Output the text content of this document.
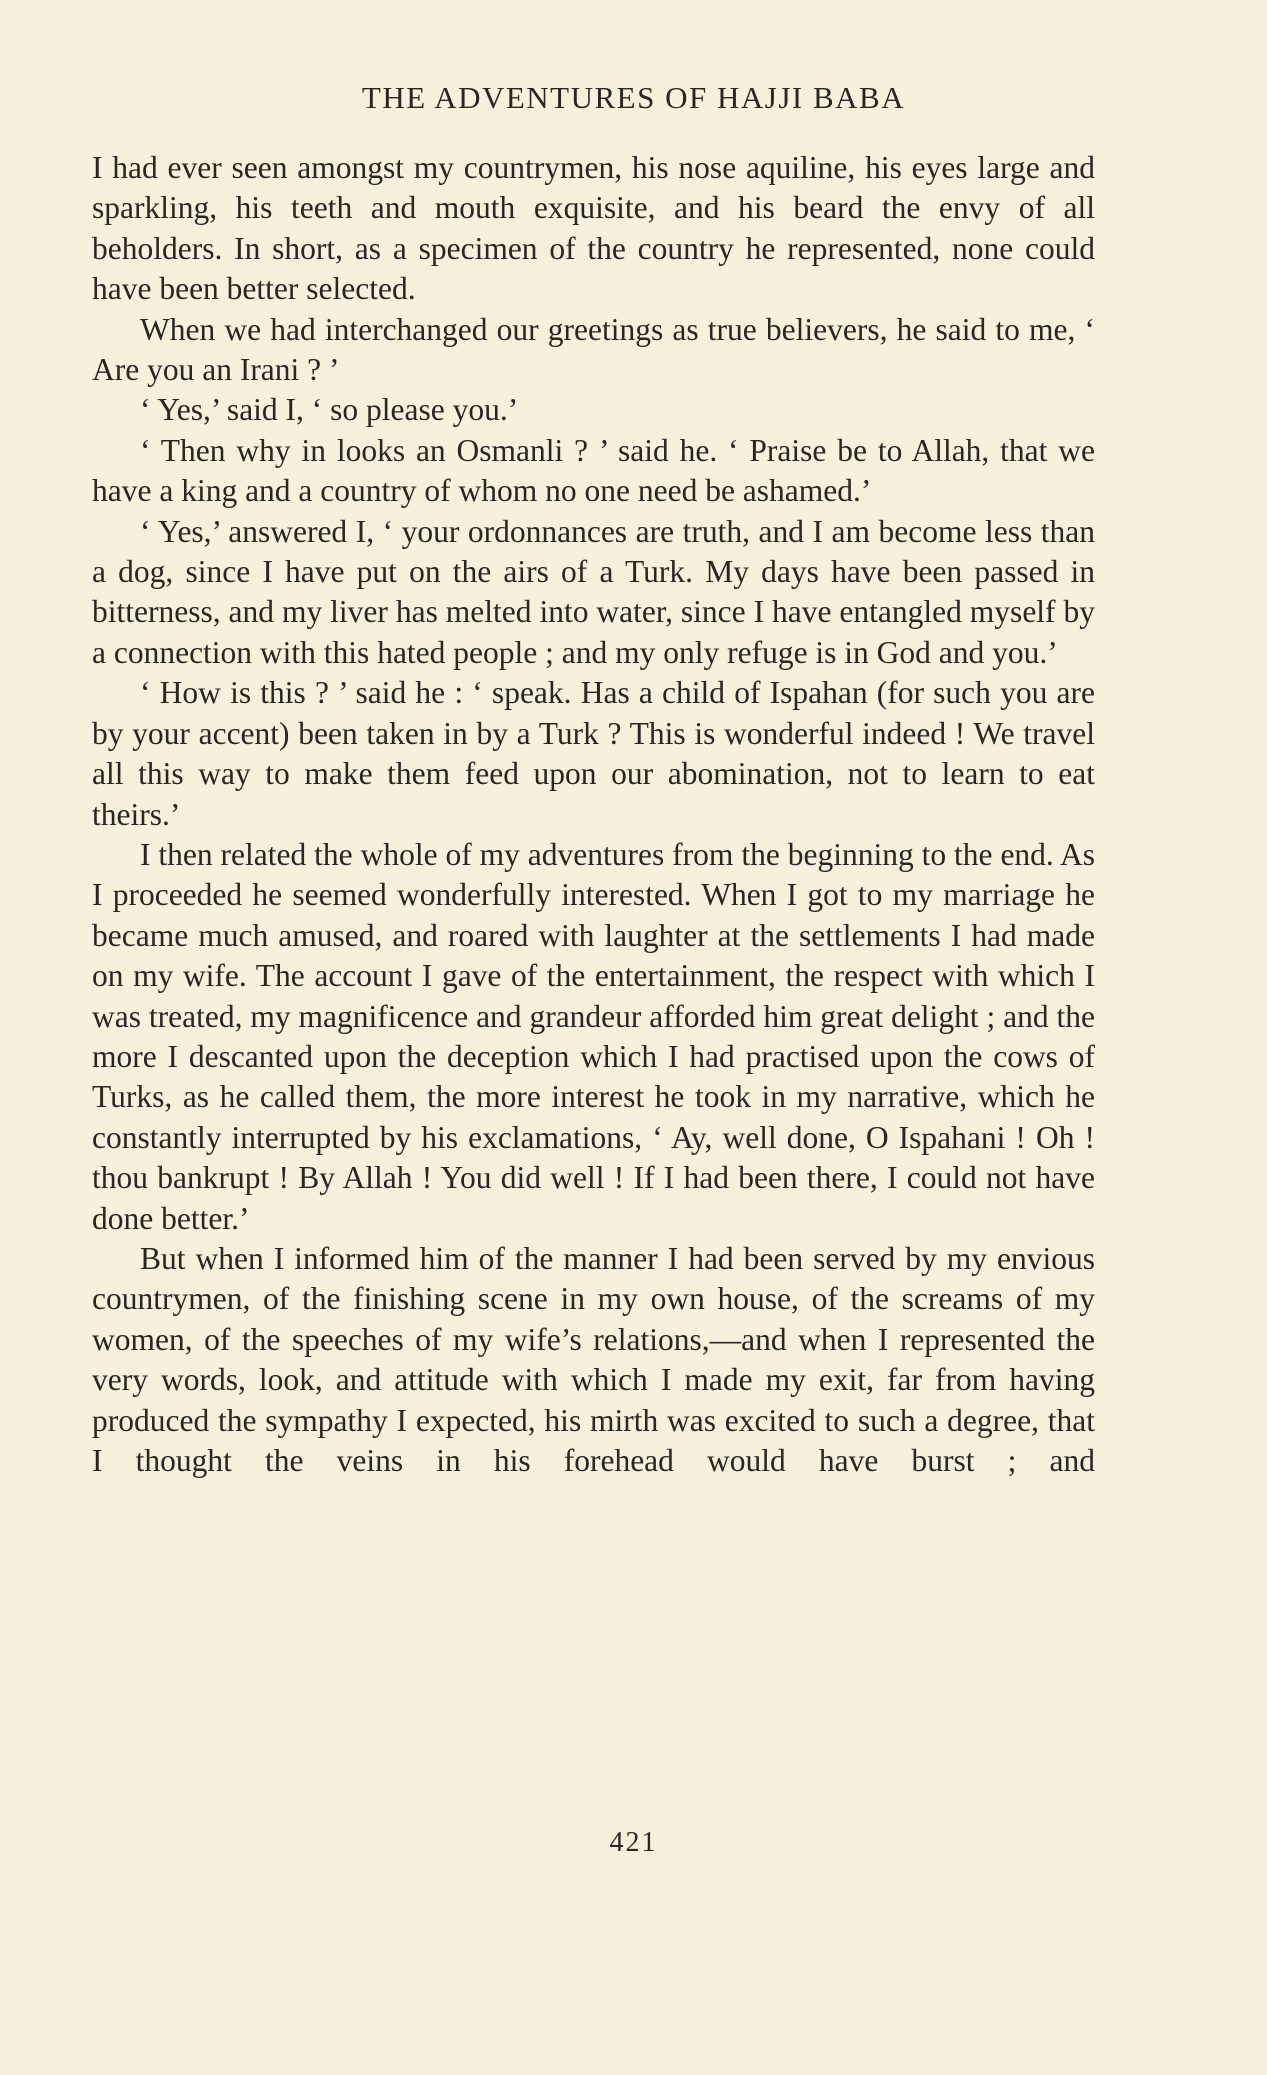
THE ADVENTURES OF HAJJI BABA

I had ever seen amongst my countrymen, his nose aquiline, his eyes large and sparkling, his teeth and mouth exquisite, and his beard the envy of all beholders. In short, as a specimen of the country he represented, none could have been better selected.

When we had interchanged our greetings as true believers, he said to me, ‘ Are you an Irani ? ’

‘ Yes,’ said I, ‘ so please you.’

‘ Then why in looks an Osmanli ? ’ said he. ‘ Praise be to Allah, that we have a king and a country of whom no one need be ashamed.’

‘ Yes,’ answered I, ‘ your ordonnances are truth, and I am become less than a dog, since I have put on the airs of a Turk. My days have been passed in bitterness, and my liver has melted into water, since I have entangled myself by a connection with this hated people ; and my only refuge is in God and you.’

‘ How is this ? ’ said he : ‘ speak. Has a child of Ispahan (for such you are by your accent) been taken in by a Turk ? This is wonderful indeed ! We travel all this way to make them feed upon our abomination, not to learn to eat theirs.’

I then related the whole of my adventures from the beginning to the end. As I proceeded he seemed wonderfully interested. When I got to my marriage he became much amused, and roared with laughter at the settlements I had made on my wife. The account I gave of the entertainment, the respect with which I was treated, my magnificence and grandeur afforded him great delight ; and the more I descanted upon the deception which I had practised upon the cows of Turks, as he called them, the more interest he took in my narrative, which he constantly interrupted by his exclamations, ‘ Ay, well done, O Ispahani ! Oh ! thou bankrupt ! By Allah ! You did well ! If I had been there, I could not have done better.’

But when I informed him of the manner I had been served by my envious countrymen, of the finishing scene in my own house, of the screams of my women, of the speeches of my wife’s relations,—and when I represented the very words, look, and attitude with which I made my exit, far from having produced the sympathy I expected, his mirth was excited to such a degree, that I thought the veins in his forehead would have burst ; and

421
